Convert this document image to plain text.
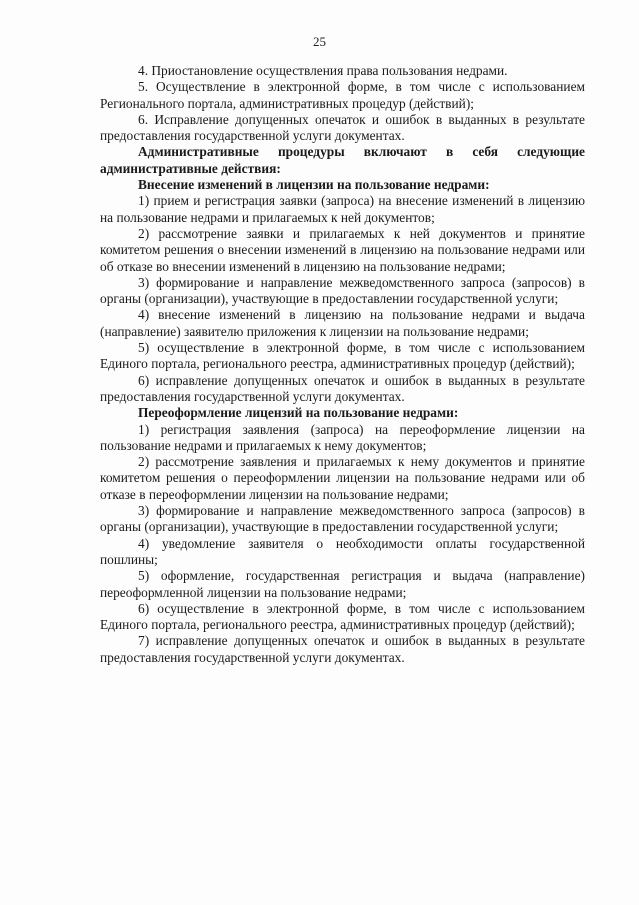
25

4. Приостановление осуществления права пользования недрами.

5. Осуществление в электронной форме, в том числе с использованием Регионального портала, административных процедур (действий);

6. Исправление допущенных опечаток и ошибок в выданных в результате предоставления государственной услуги документах.

Административные процедуры включают в себя следующие административные действия:

Внесение изменений в лицензии на пользование недрами:

1) прием и регистрация заявки (запроса) на внесение изменений в лицензию на пользование недрами и прилагаемых к ней документов;

2) рассмотрение заявки и прилагаемых к ней документов и принятие комитетом решения о внесении изменений в лицензию на пользование недрами или об отказе во внесении изменений в лицензию на пользование недрами;

3) формирование и направление межведомственного запроса (запросов) в органы (организации), участвующие в предоставлении государственной услуги;

4) внесение изменений в лицензию на пользование недрами и выдача (направление) заявителю приложения к лицензии на пользование недрами;

5) осуществление в электронной форме, в том числе с использованием Единого портала, регионального реестра, административных процедур (действий);

6) исправление допущенных опечаток и ошибок в выданных в результате предоставления государственной услуги документах.

Переоформление лицензий на пользование недрами:

1) регистрация заявления (запроса) на переоформление лицензии на пользование недрами и прилагаемых к нему документов;

2) рассмотрение заявления и прилагаемых к нему документов и принятие комитетом решения о переоформлении лицензии на пользование недрами или об отказе в переоформлении лицензии на пользование недрами;

3) формирование и направление межведомственного запроса (запросов) в органы (организации), участвующие в предоставлении государственной услуги;

4) уведомление заявителя о необходимости оплаты государственной пошлины;

5) оформление, государственная регистрация и выдача (направление) переоформленной лицензии на пользование недрами;

6) осуществление в электронной форме, в том числе с использованием Единого портала, регионального реестра, административных процедур (действий);

7) исправление допущенных опечаток и ошибок в выданных в результате предоставления государственной услуги документах.
